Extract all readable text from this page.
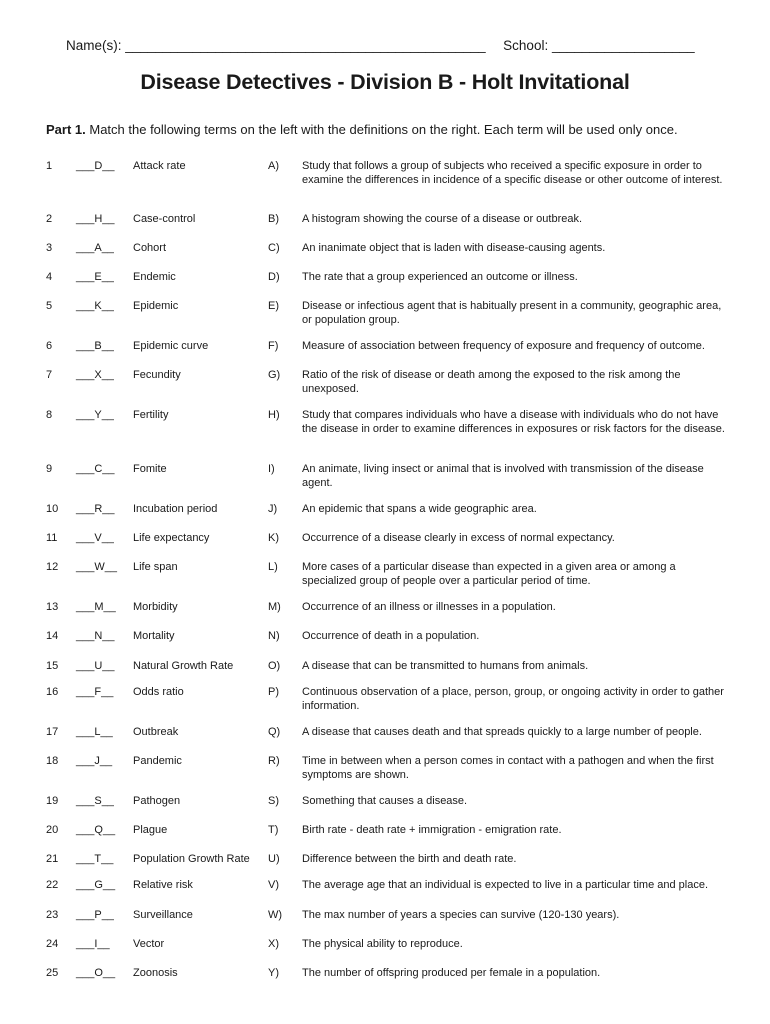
Name(s): ________________________________________________ School: ___________________
Disease Detectives - Division B - Holt Invitational
Part 1. Match the following terms on the left with the definitions on the right. Each term will be used only once.
1 ___D__ Attack rate	A) Study that follows a group of subjects who received a specific exposure in order to examine the differences in incidence of a specific disease or other outcome of interest.
2 ___H__ Case-control	B) A histogram showing the course of a disease or outbreak.
3 ___A__ Cohort	C) An inanimate object that is laden with disease-causing agents.
4 ___E__ Endemic	D) The rate that a group experienced an outcome or illness.
5 ___K__ Epidemic	E) Disease or infectious agent that is habitually present in a community, geographic area, or population group.
6 ___B__ Epidemic curve	F) Measure of association between frequency of exposure and frequency of outcome.
7 ___X__ Fecundity	G) Ratio of the risk of disease or death among the exposed to the risk among the unexposed.
8 ___Y__ Fertility	H) Study that compares individuals who have a disease with individuals who do not have the disease in order to examine differences in exposures or risk factors for the disease.
9 ___C__ Fomite	I) An animate, living insect or animal that is involved with transmission of the disease agent.
10 ___R__ Incubation period	J) An epidemic that spans a wide geographic area.
11 ___V__ Life expectancy	K) Occurrence of a disease clearly in excess of normal expectancy.
12 ___W__ Life span	L) More cases of a particular disease than expected in a given area or among a specialized group of people over a particular period of time.
13 ___M__ Morbidity	M) Occurrence of an illness or illnesses in a population.
14 ___N__ Mortality	N) Occurrence of death in a population.
15 ___U__ Natural Growth Rate	O) A disease that can be transmitted to humans from animals.
16 ___F__ Odds ratio	P) Continuous observation of a place, person, group, or ongoing activity in order to gather information.
17 ___L__ Outbreak	Q) A disease that causes death and that spreads quickly to a large number of people.
18 ___J__ Pandemic	R) Time in between when a person comes in contact with a pathogen and when the first symptoms are shown.
19 ___S__ Pathogen	S) Something that causes a disease.
20 ___Q__ Plague	T) Birth rate - death rate + immigration - emigration rate.
21 ___T__ Population Growth Rate U) Difference between the birth and death rate.
22 ___G__ Relative risk	V) The average age that an individual is expected to live in a particular time and place.
23 ___P__ Surveillance	W) The max number of years a species can survive (120-130 years).
24 ___I__ Vector	X) The physical ability to reproduce.
25 ___O__ Zoonosis	Y) The number of offspring produced per female in a population.
